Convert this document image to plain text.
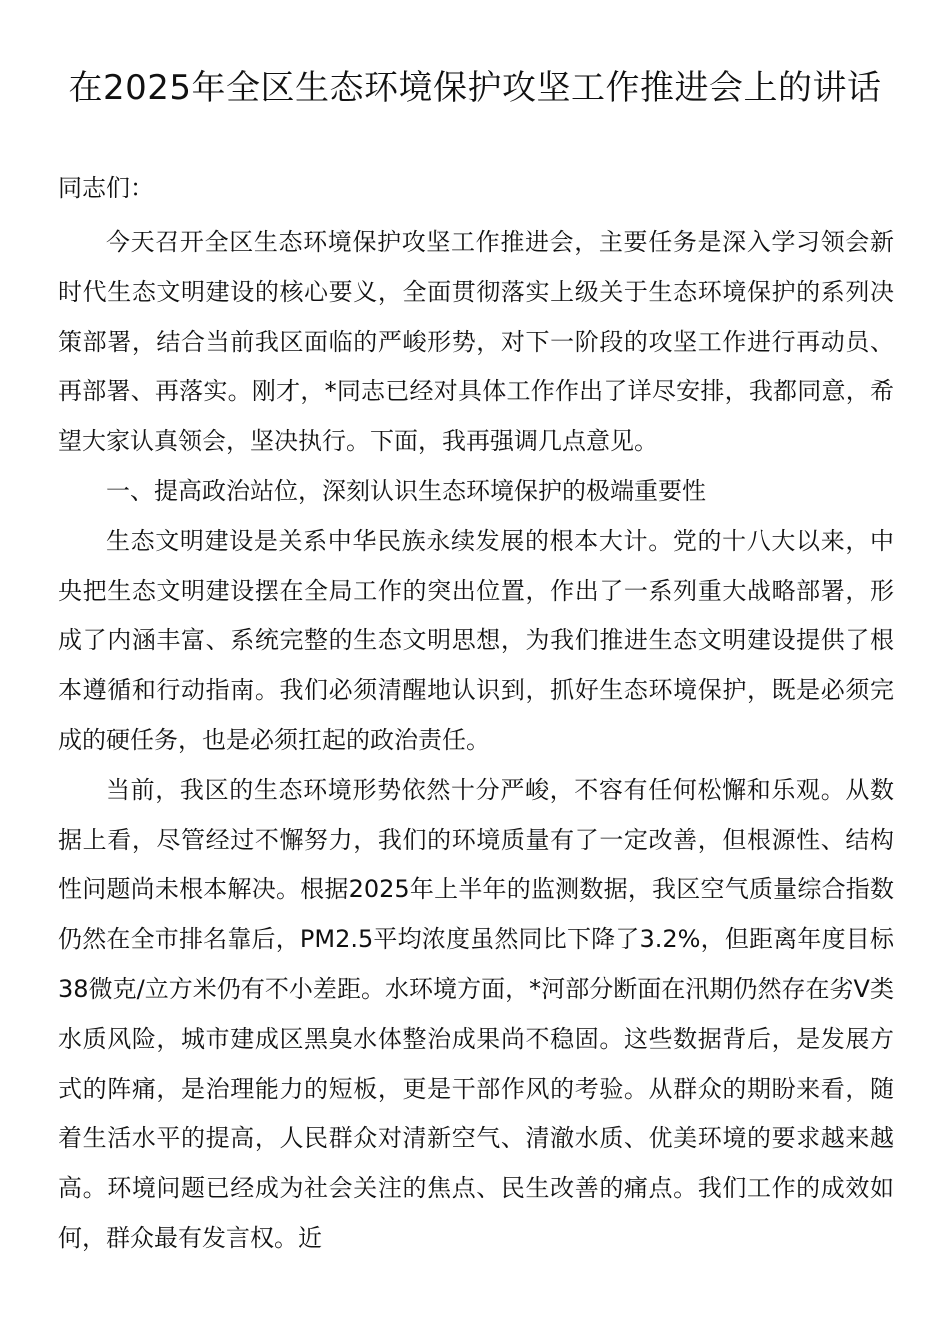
在2025年全区生态环境保护攻坚工作推进会上的讲话

同志们：

今天召开全区生态环境保护攻坚工作推进会，主要任务是深入学习领会新时代生态文明建设的核心要义，全面贯彻落实上级关于生态环境保护的系列决策部署，结合当前我区面临的严峻形势，对下一阶段的攻坚工作进行再动员、再部署、再落实。刚才，*同志已经对具体工作作出了详尽安排，我都同意，希望大家认真领会，坚决执行。下面，我再强调几点意见。

一、提高政治站位，深刻认识生态环境保护的极端重要性

生态文明建设是关系中华民族永续发展的根本大计。党的十八大以来，中央把生态文明建设摆在全局工作的突出位置，作出了一系列重大战略部署，形成了内涵丰富、系统完整的生态文明思想，为我们推进生态文明建设提供了根本遵循和行动指南。我们必须清醒地认识到，抓好生态环境保护，既是必须完成的硬任务，也是必须扛起的政治责任。

当前，我区的生态环境形势依然十分严峻，不容有任何松懈和乐观。从数据上看，尽管经过不懈努力，我们的环境质量有了一定改善，但根源性、结构性问题尚未根本解决。根据2025年上半年的监测数据，我区空气质量综合指数仍然在全市排名靠后，PM2.5平均浓度虽然同比下降了3.2%，但距离年度目标38微克/立方米仍有不小差距。水环境方面，*河部分断面在汛期仍然存在劣V类水质风险，城市建成区黑臭水体整治成果尚不稳固。这些数据背后，是发展方式的阵痛，是治理能力的短板，更是干部作风的考验。从群众的期盼来看，随着生活水平的提高，人民群众对清新空气、清澈水质、优美环境的要求越来越高。环境问题已经成为社会关注的焦点、民生改善的痛点。我们工作的成效如何，群众最有发言权。近
